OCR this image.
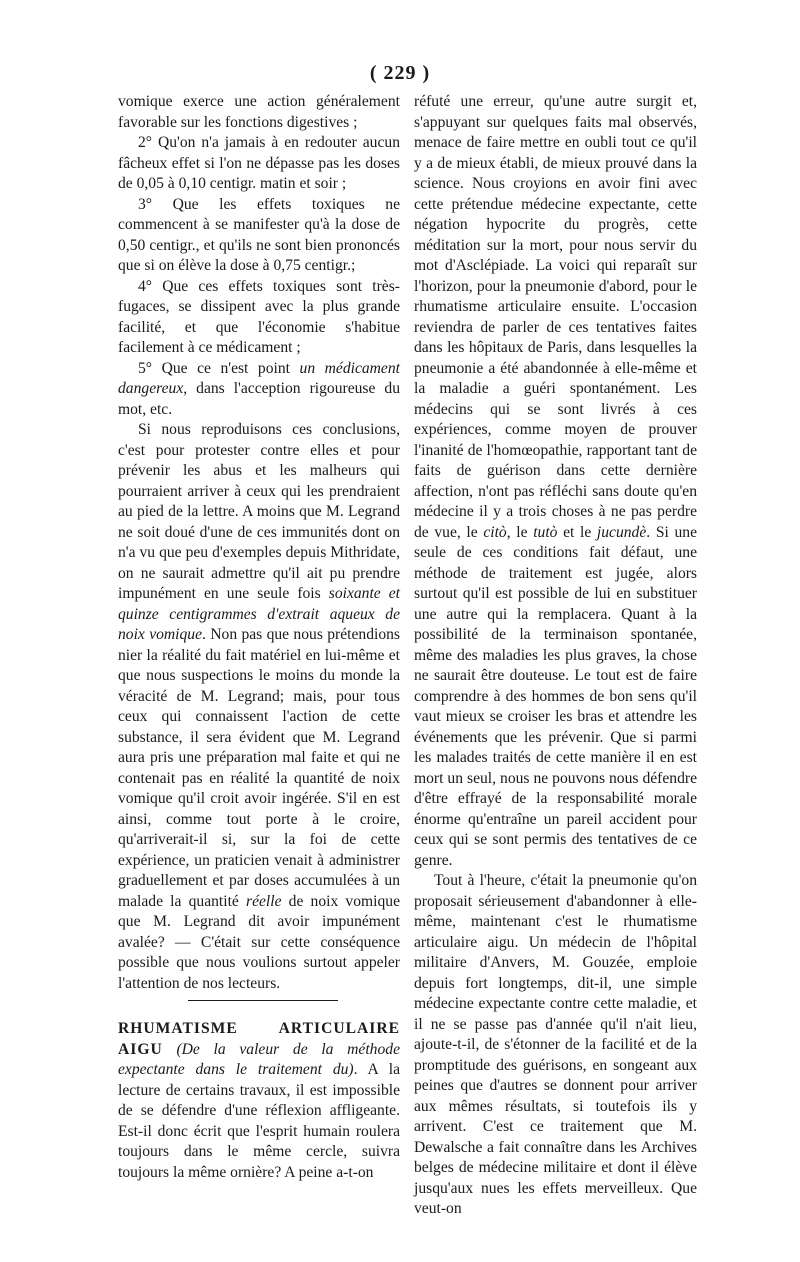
( 229 )

vomique exerce une action généralement favorable sur les fonctions digestives ;

2° Qu'on n'a jamais à en redouter aucun fâcheux effet si l'on ne dépasse pas les doses de 0,05 à 0,10 centigr. matin et soir ;

3° Que les effets toxiques ne commencent à se manifester qu'à la dose de 0,50 centigr., et qu'ils ne sont bien prononcés que si on élève la dose à 0,75 centigr.;

4° Que ces effets toxiques sont très-fugaces, se dissipent avec la plus grande facilité, et que l'économie s'habitue facilement à ce médicament ;

5° Que ce n'est point un médicament dangereux, dans l'acception rigoureuse du mot, etc.

Si nous reproduisons ces conclusions, c'est pour protester contre elles et pour prévenir les abus et les malheurs qui pourraient arriver à ceux qui les prendraient au pied de la lettre. A moins que M. Legrand ne soit doué d'une de ces immunités dont on n'a vu que peu d'exemples depuis Mithridate, on ne saurait admettre qu'il ait pu prendre impunément en une seule fois soixante et quinze centigrammes d'extrait aqueux de noix vomique. Non pas que nous prétendions nier la réalité du fait matériel en lui-même et que nous suspections le moins du monde la véracité de M. Legrand; mais, pour tous ceux qui connaissent l'action de cette substance, il sera évident que M. Legrand aura pris une préparation mal faite et qui ne contenait pas en réalité la quantité de noix vomique qu'il croit avoir ingérée. S'il en est ainsi, comme tout porte à le croire, qu'arriverait-il si, sur la foi de cette expérience, un praticien venait à administrer graduellement et par doses accumulées à un malade la quantité réelle de noix vomique que M. Legrand dit avoir impunément avalée? — C'était sur cette conséquence possible que nous voulions surtout appeler l'attention de nos lecteurs.

RHUMATISME ARTICULAIRE AIGU (De la valeur de la méthode expectante dans le traitement du). A la lecture de certains travaux, il est impossible de se défendre d'une réflexion affligeante. Est-il donc écrit que l'esprit humain roulera toujours dans le même cercle, suivra toujours la même ornière? A peine a-t-on

réfuté une erreur, qu'une autre surgit et, s'appuyant sur quelques faits mal observés, menace de faire mettre en oubli tout ce qu'il y a de mieux établi, de mieux prouvé dans la science. Nous croyions en avoir fini avec cette prétendue médecine expectante, cette négation hypocrite du progrès, cette méditation sur la mort, pour nous servir du mot d'Asclépiade. La voici qui reparaît sur l'horizon, pour la pneumonie d'abord, pour le rhumatisme articulaire ensuite. L'occasion reviendra de parler de ces tentatives faites dans les hôpitaux de Paris, dans lesquelles la pneumonie a été abandonnée à elle-même et la maladie a guéri spontanément. Les médecins qui se sont livrés à ces expériences, comme moyen de prouver l'inanité de l'homœopathie, rapportant tant de faits de guérison dans cette dernière affection, n'ont pas réfléchi sans doute qu'en médecine il y a trois choses à ne pas perdre de vue, le citò, le tutò et le jucundè. Si une seule de ces conditions fait défaut, une méthode de traitement est jugée, alors surtout qu'il est possible de lui en substituer une autre qui la remplacera. Quant à la possibilité de la terminaison spontanée, même des maladies les plus graves, la chose ne saurait être douteuse. Le tout est de faire comprendre à des hommes de bon sens qu'il vaut mieux se croiser les bras et attendre les événements que les prévenir. Que si parmi les malades traités de cette manière il en est mort un seul, nous ne pouvons nous défendre d'être effrayé de la responsabilité morale énorme qu'entraîne un pareil accident pour ceux qui se sont permis des tentatives de ce genre.

Tout à l'heure, c'était la pneumonie qu'on proposait sérieusement d'abandonner à elle-même, maintenant c'est le rhumatisme articulaire aigu. Un médecin de l'hôpital militaire d'Anvers, M. Gouzée, emploie depuis fort longtemps, dit-il, une simple médecine expectante contre cette maladie, et il ne se passe pas d'année qu'il n'ait lieu, ajoute-t-il, de s'étonner de la facilité et de la promptitude des guérisons, en songeant aux peines que d'autres se donnent pour arriver aux mêmes résultats, si toutefois ils y arrivent. C'est ce traitement que M. Dewalsche a fait connaître dans les Archives belges de médecine militaire et dont il élève jusqu'aux nues les effets merveilleux. Que veut-on
